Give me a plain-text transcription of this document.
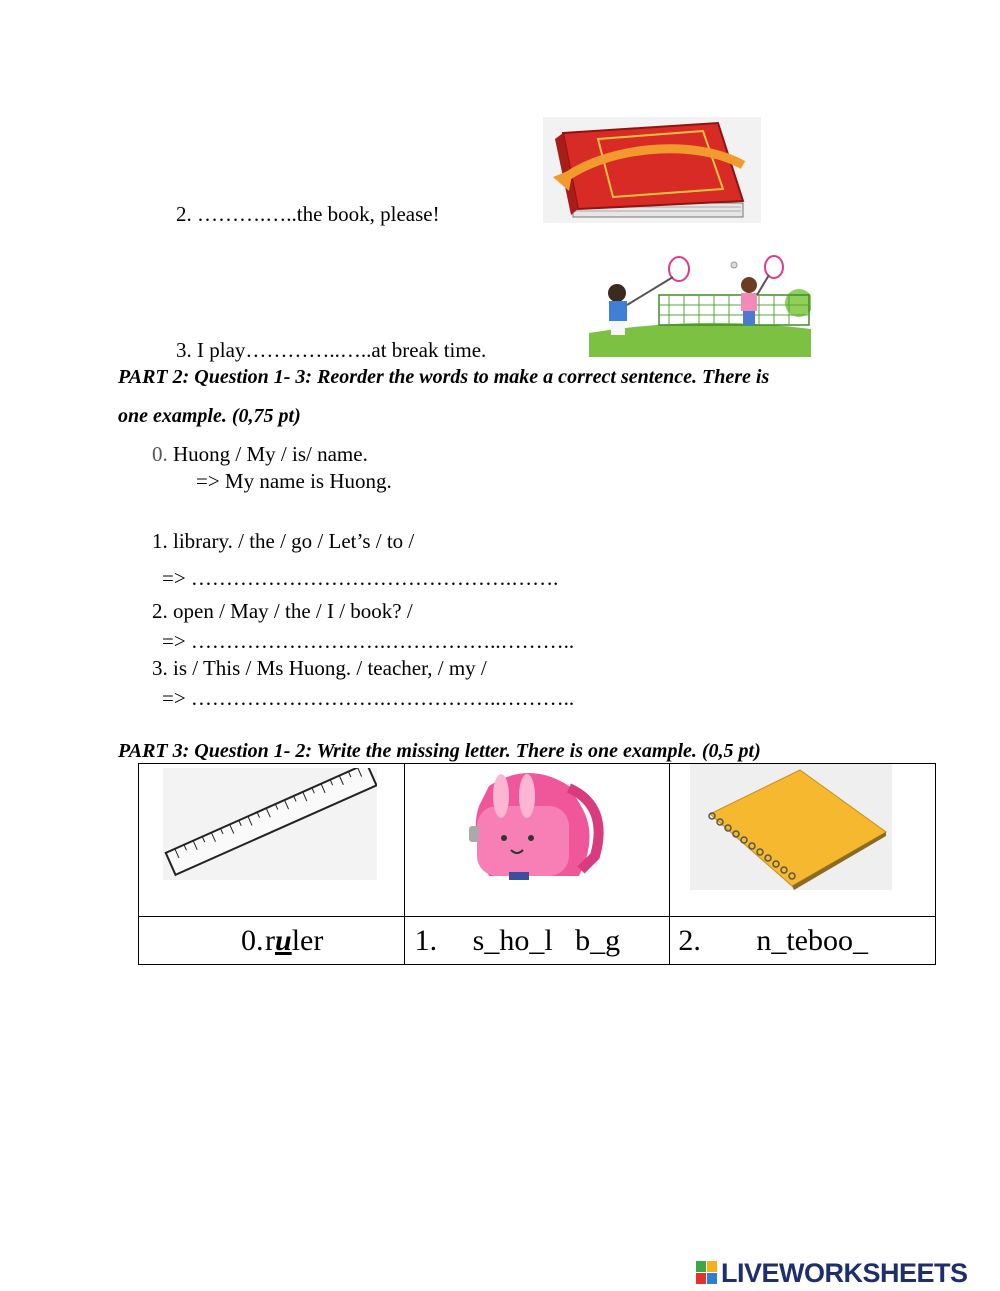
2. ……….…..the book, please!
3. I play…………..…..at break time.
PART 2: Question 1- 3: Reorder the words to make a correct sentence. There is
one example. (0,75 pt)
0. Huong / My / is/ name.
=> My name is Huong.
1. library. / the / go / Let’s / to /
=> ……………………………………….…….
2. open / May / the / I / book? /
=> ……………………….……………..………..
3. is / This / Ms Huong. / teacher, / my /
=> ……………………….……………..………..
PART 3: Question 1- 2: Write the missing letter. There is one example. (0,5 pt)

0. ruler	1. s_ho_l   b_g	2. n_teboo_
LIVEWORKSHEETS
